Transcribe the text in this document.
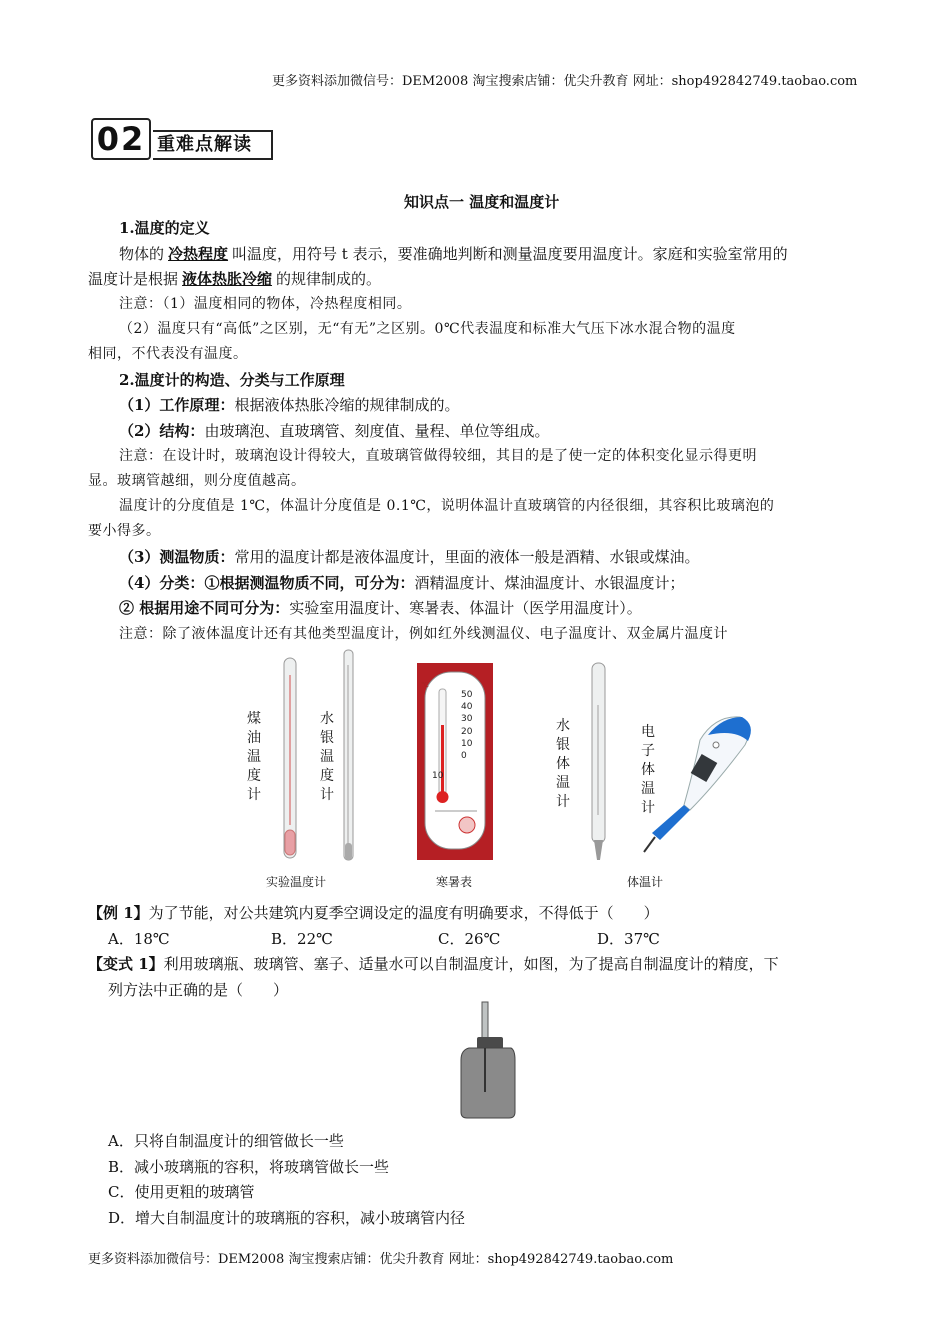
更多资料添加微信号：DEM2008 淘宝搜索店铺：优尖升教育 网址：shop492842749.taobao.com
02 重难点解读
知识点一 温度和温度计
1.温度的定义
物体的 冷热程度 叫温度，用符号 t 表示，要准确地判断和测量温度要用温度计。家庭和实验室常用的
温度计是根据 液体热胀冷缩 的规律制成的。
注意：（1）温度相同的物体，冷热程度相同。
（2）温度只有“高低”之区别，无“有无”之区别。0℃代表温度和标准大气压下冰水混合物的温度
相同，不代表没有温度。
2.温度计的构造、分类与工作原理
（1）工作原理：根据液体热胀冷缩的规律制成的。
（2）结构：由玻璃泡、直玻璃管、刻度值、量程、单位等组成。
注意：在设计时，玻璃泡设计得较大，直玻璃管做得较细，其目的是了使一定的体积变化显示得更明
显。玻璃管越细，则分度值越高。
温度计的分度值是 1℃，体温计分度值是 0.1℃，说明体温计直玻璃管的内径很细，其容积比玻璃泡的
要小得多。
（3）测温物质：常用的温度计都是液体温度计，里面的液体一般是酒精、水银或煤油。
（4）分类：①根据测温物质不同，可分为：酒精温度计、煤油温度计、水银温度计；
② 根据用途不同可分为：实验室用温度计、寒暑表、体温计（医学用温度计）。
注意：除了液体温度计还有其他类型温度计，例如红外线测温仪、电子温度计、双金属片温度计
煤油温度计
水银温度计
水银体温计
电子体温计
℃
50
40
30
20
10
0
10
实验温度计	寒暑表	体温计
【例 1】为了节能，对公共建筑内夏季空调设定的温度有明确要求，不得低于（　　）
A．18℃	B．22℃	C．26℃	D．37℃
【变式 1】利用玻璃瓶、玻璃管、塞子、适量水可以自制温度计，如图，为了提高自制温度计的精度，下
列方法中正确的是（　　）
A．只将自制温度计的细管做长一些
B．减小玻璃瓶的容积，将玻璃管做长一些
C．使用更粗的玻璃管
D．增大自制温度计的玻璃瓶的容积，减小玻璃管内径
更多资料添加微信号：DEM2008 淘宝搜索店铺：优尖升教育 网址：shop492842749.taobao.com
